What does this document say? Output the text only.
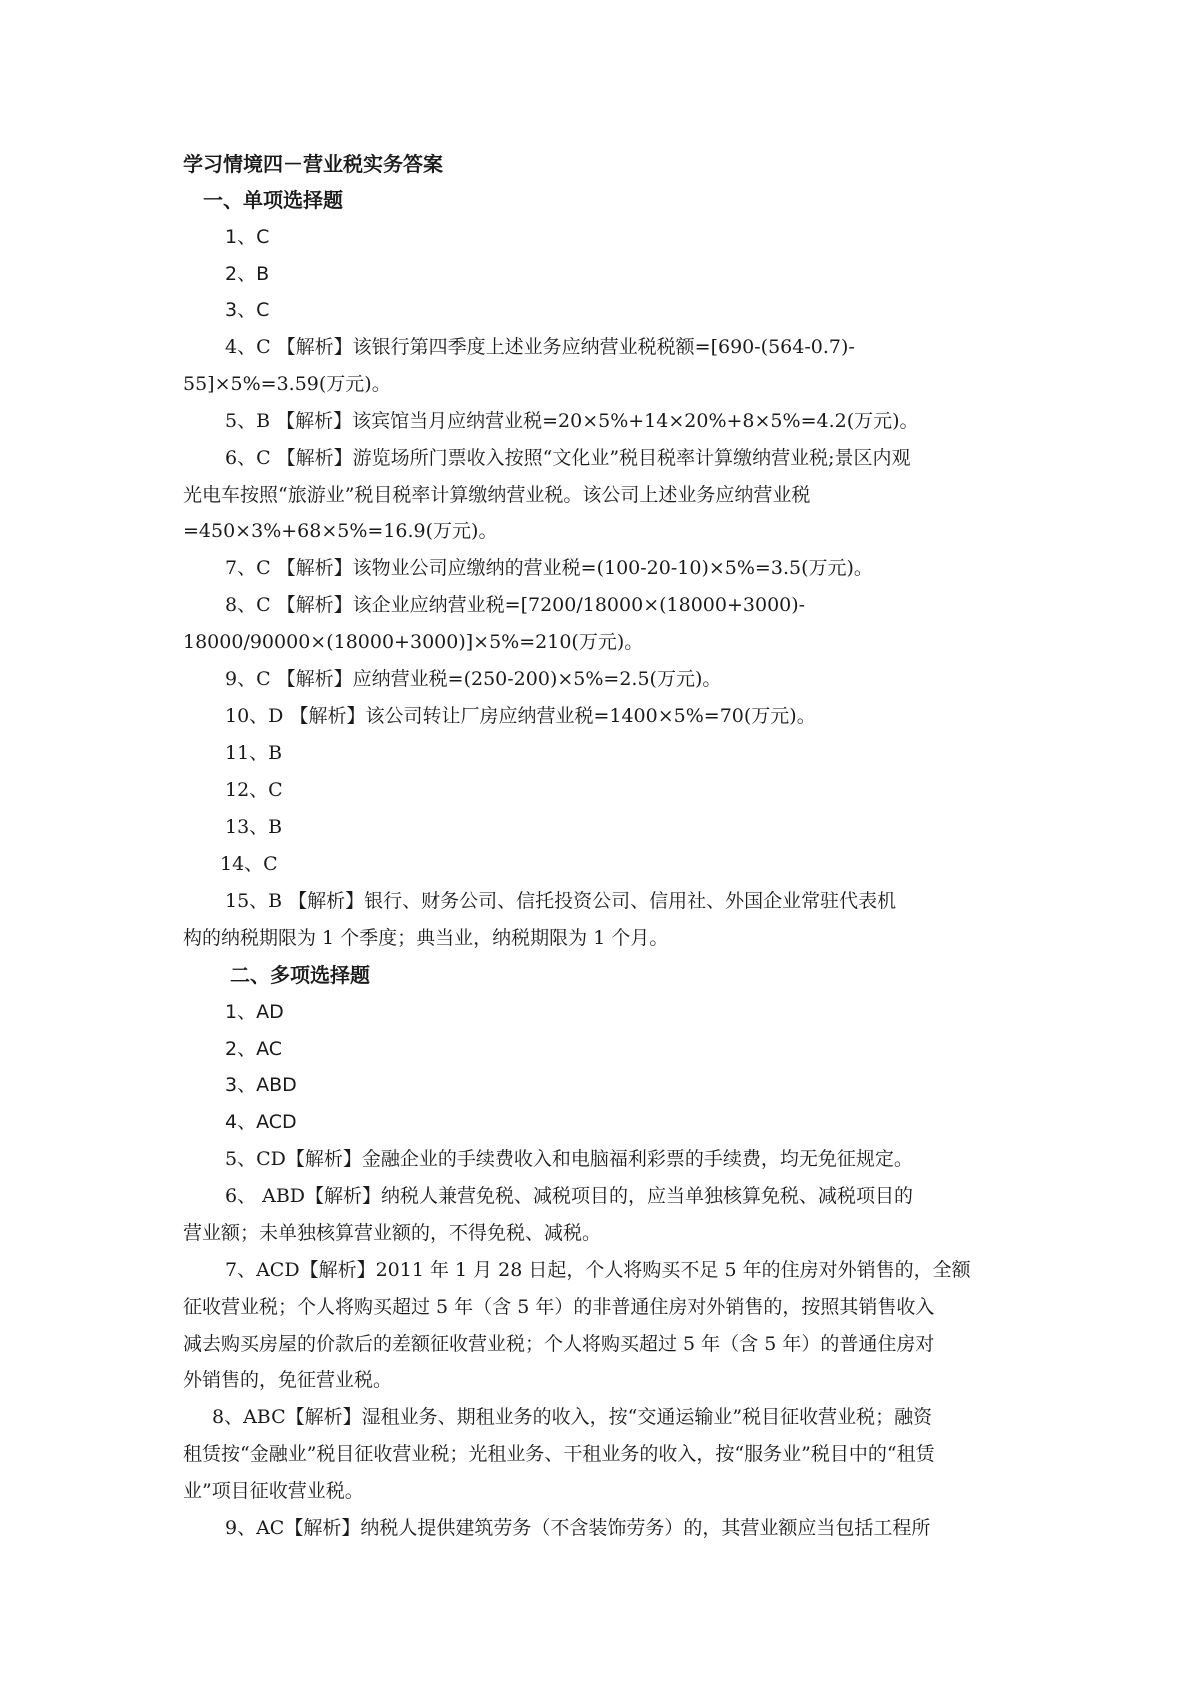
学习情境四－营业税实务答案
一、单项选择题
1、C
2、B
3、C
4、C 【解析】该银行第四季度上述业务应纳营业税税额=[690-(564-0.7)-
55]×5%=3.59(万元)。
5、B 【解析】该宾馆当月应纳营业税=20×5%+14×20%+8×5%=4.2(万元)。
6、C 【解析】游览场所门票收入按照“文化业”税目税率计算缴纳营业税;景区内观
光电车按照“旅游业”税目税率计算缴纳营业税。该公司上述业务应纳营业税
=450×3%+68×5%=16.9(万元)。
7、C 【解析】该物业公司应缴纳的营业税=(100-20-10)×5%=3.5(万元)。
8、C 【解析】该企业应纳营业税=[7200/18000×(18000+3000)-
18000/90000×(18000+3000)]×5%=210(万元)。
9、C 【解析】应纳营业税=(250-200)×5%=2.5(万元)。
10、D 【解析】该公司转让厂房应纳营业税=1400×5%=70(万元)。
11、B
12、C
13、B
14、C
15、B 【解析】银行、财务公司、信托投资公司、信用社、外国企业常驻代表机
构的纳税期限为 1 个季度；典当业，纳税期限为 1 个月。
二、多项选择题
1、AD
2、AC
3、ABD
4、ACD
5、CD【解析】金融企业的手续费收入和电脑福利彩票的手续费，均无免征规定。
6、 ABD【解析】纳税人兼营免税、减税项目的，应当单独核算免税、减税项目的
营业额；未单独核算营业额的，不得免税、减税。
7、ACD【解析】2011 年 1 月 28 日起，个人将购买不足 5 年的住房对外销售的，全额
征收营业税；个人将购买超过 5 年（含 5 年）的非普通住房对外销售的，按照其销售收入
减去购买房屋的价款后的差额征收营业税；个人将购买超过 5 年（含 5 年）的普通住房对
外销售的，免征营业税。
8、ABC【解析】湿租业务、期租业务的收入，按“交通运输业”税目征收营业税；融资
租赁按“金融业”税目征收营业税；光租业务、干租业务的收入，按“服务业”税目中的“租赁
业”项目征收营业税。
9、AC【解析】纳税人提供建筑劳务（不含装饰劳务）的，其营业额应当包括工程所
